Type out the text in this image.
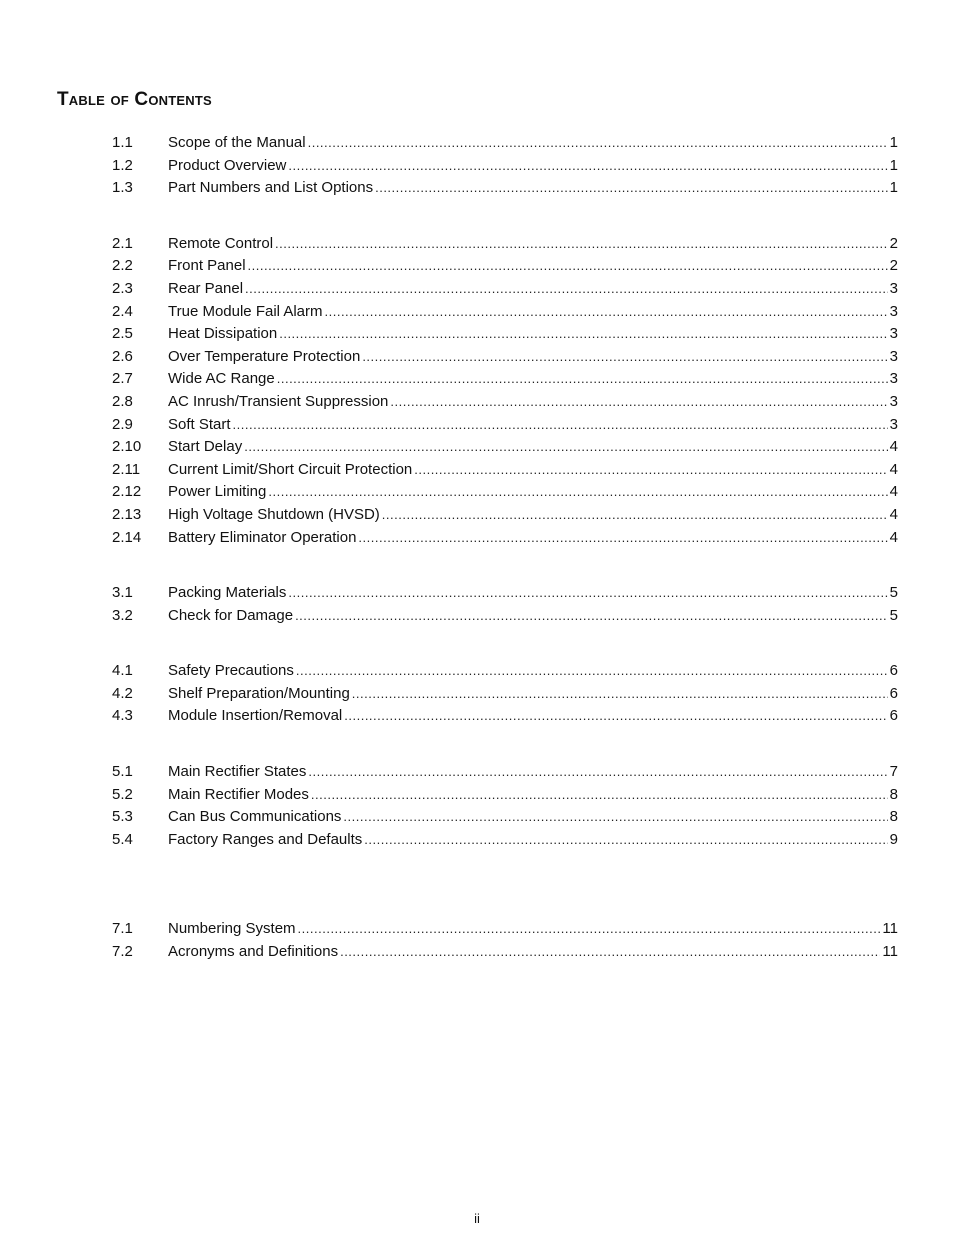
Table of Contents
1.1	Scope of the Manual .....	1
1.2	Product Overview .....	1
1.3	Part Numbers and List Options .....	1
2.1	Remote Control .....	2
2.2	Front Panel .....	2
2.3	Rear Panel .....	3
2.4	True Module Fail Alarm .....	3
2.5	Heat Dissipation .....	3
2.6	Over Temperature Protection .....	3
2.7	Wide AC Range .....	3
2.8	AC Inrush/Transient Suppression .....	3
2.9	Soft Start .....	3
2.10	Start Delay .....	4
2.11	Current Limit/Short Circuit Protection .....	4
2.12	Power Limiting .....	4
2.13	High Voltage Shutdown (HVSD) .....	4
2.14	Battery Eliminator Operation .....	4
3.1	Packing Materials .....	5
3.2	Check for Damage .....	5
4.1	Safety Precautions .....	6
4.2	Shelf Preparation/Mounting .....	6
4.3	Module Insertion/Removal .....	6
5.1	Main Rectifier States .....	7
5.2	Main Rectifier Modes .....	8
5.3	Can Bus Communications .....	8
5.4	Factory Ranges and Defaults .....	9
7.1	Numbering System .....	11
7.2	Acronyms and Definitions .....	11
ii
